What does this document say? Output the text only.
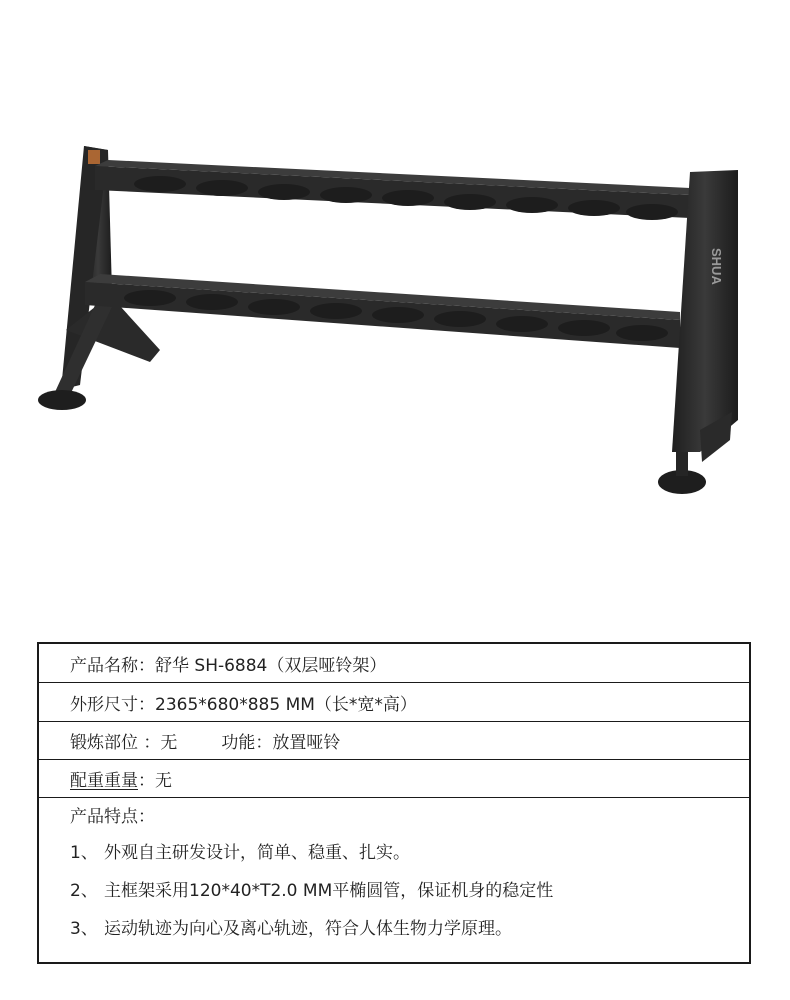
SHUA
产品名称： 舒华 SH-6884（双层哑铃架）
外形尺寸： 2365*680*885 MM（长*宽*高）
锻炼部位 ： 无	功能： 放置哑铃
配重重量 ： 无
产品特点：
1、 外观自主研发设计，简单、稳重、扎实。
2、 主框架采用120*40*T2.0 MM平椭圆管，保证机身的稳定性
3、 运动轨迹为向心及离心轨迹，符合人体生物力学原理。
